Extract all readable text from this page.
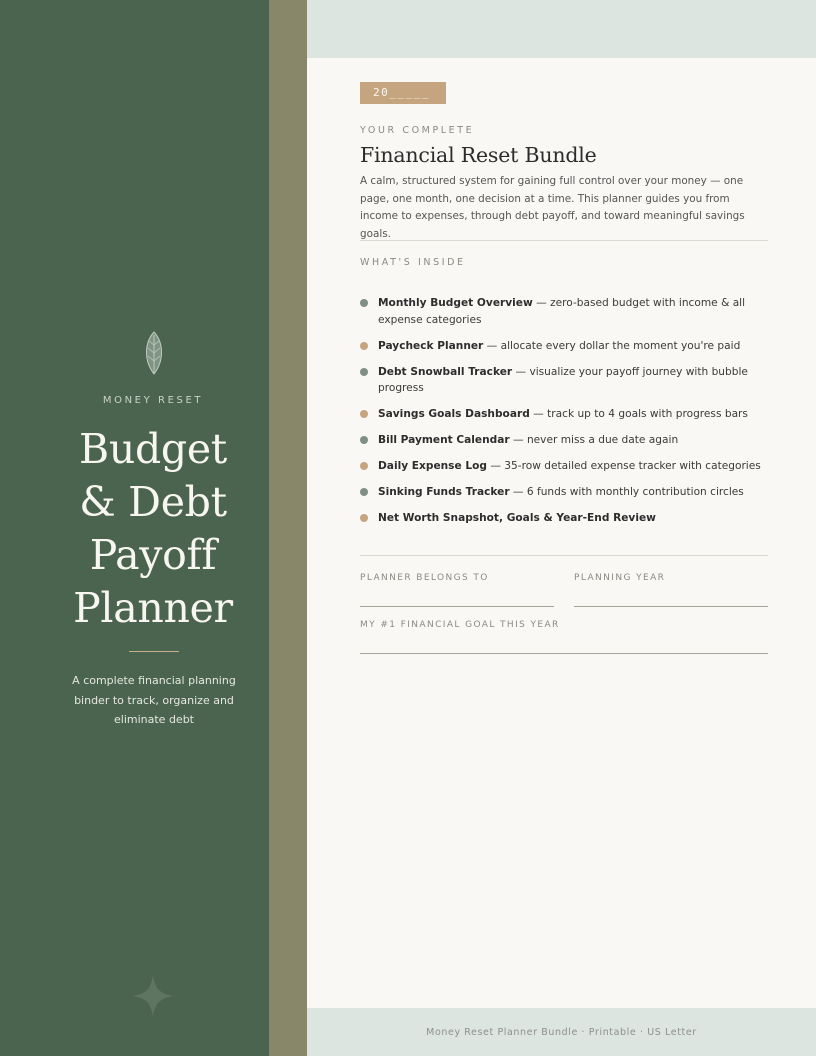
Money Reset Planner Bundle · Printable · US Letter
MONEY RESET
Budget
& Debt
Payoff
Planner
A complete financial planning binder to track, organize and eliminate debt
20_____
YOUR COMPLETE
Financial Reset Bundle
A calm, structured system for gaining full control over your money — one page, one month, one decision at a time. This planner guides you from income to expenses, through debt payoff, and toward meaningful savings goals.
WHAT'S INSIDE
Monthly Budget Overview — zero-based budget with income & all expense categories
Paycheck Planner — allocate every dollar the moment you're paid
Debt Snowball Tracker — visualize your payoff journey with bubble progress
Savings Goals Dashboard — track up to 4 goals with progress bars
Bill Payment Calendar — never miss a due date again
Daily Expense Log — 35-row detailed expense tracker with categories
Sinking Funds Tracker — 6 funds with monthly contribution circles
Net Worth Snapshot, Goals & Year-End Review
PLANNER BELONGS TO	PLANNING YEAR
MY #1 FINANCIAL GOAL THIS YEAR
